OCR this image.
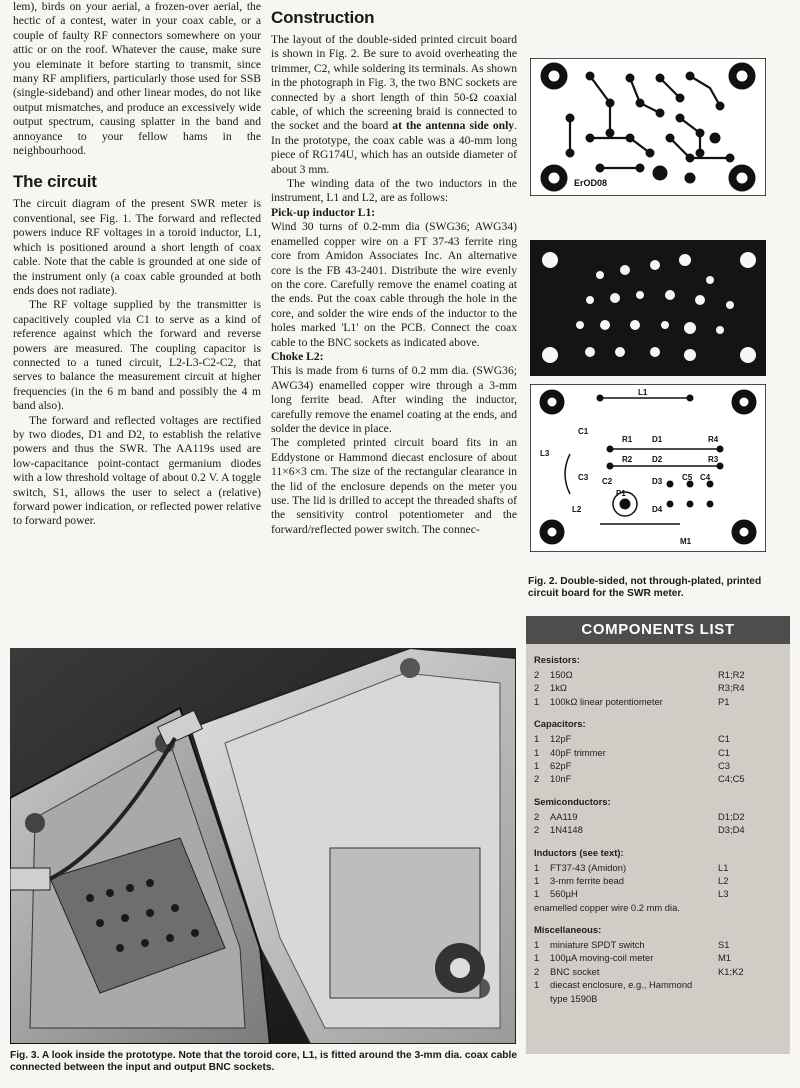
lem), birds on your aerial, a frozen-over aerial, the hectic of a contest, water in your coax cable, or a couple of faulty RF connectors somewhere on your attic or on the roof. Whatever the cause, make sure you eleminate it before starting to transmit, since many RF amplifiers, particularly those used for SSB (single-sideband) and other linear modes, do not like output mismatches, and produce an excessively wide output spectrum, causing splatter in the band and annoyance to your fellow hams in the neighbourhood.

The circuit

The circuit diagram of the present SWR meter is conventional, see Fig. 1. The forward and reflected powers induce RF voltages in a toroid inductor, L1, which is positioned around a short length of coax cable. Note that the cable is grounded at one side of the instrument only (a coax cable grounded at both ends does not radiate).

The RF voltage supplied by the transmitter is capacitively coupled via C1 to serve as a kind of reference against which the forward and reverse powers are measured. The coupling capacitor is connected to a tuned circuit, L2-L3-C2-C2, that serves to balance the measurement circuit at higher frequencies (in the 6 m band and possibly the 4 m band also).

The forward and reflected voltages are rectified by two diodes, D1 and D2, to establish the relative powers and thus the SWR. The AA119s used are low-capacitance point-contact germanium diodes with a low threshold voltage of about 0.2 V. A toggle switch, S1, allows the user to select a (relative) forward power indication, or reflected power relative to forward power.

Construction

The layout of the double-sided printed circuit board is shown in Fig. 2. Be sure to avoid overheating the trimmer, C2, while soldering its terminals. As shown in the photograph in Fig. 3, the two BNC sockets are connected by a short length of thin 50-Ω coaxial cable, of which the screening braid is connected to the socket and the board at the antenna side only. In the prototype, the coax cable was a 40-mm long piece of RG174U, which has an outside diameter of about 3 mm.

The winding data of the two inductors in the instrument, L1 and L2, are as follows:

Pick-up inductor L1:

Wind 30 turns of 0.2-mm dia (SWG36; AWG34) enamelled copper wire on a FT 37-43 ferrite ring core from Amidon Associates Inc. An alternative core is the FB 43-2401. Distribute the wire evenly on the core. Carefully remove the enamel coating at the ends. Put the coax cable through the hole in the core, and solder the wire ends of the inductor to the holes marked 'L1' on the PCB. Connect the coax cable to the BNC sockets as indicated above.

Choke L2:

This is made from 6 turns of 0.2 mm dia. (SWG36; AWG34) enamelled copper wire through a 3-mm long ferrite bead. After winding the inductor, carefully remove the enamel coating at the ends, and solder the device in place.

The completed printed circuit board fits in an Eddystone or Hammond diecast enclosure of about 11×6×3 cm. The size of the rectangular clearance in the lid of the enclosure depends on the meter you use. The lid is drilled to accept the threaded shafts of the sensitivity control potentiometer and the forward/reflected power switch. The connec-

ErOD08
L1
C1
R1 D1	R4
L3
R2 D2	R3
C2
C3	D3 C5 C4
D4
L2
P1
M1
Fig. 2. Double-sided, not through-plated, printed circuit board for the SWR meter.
COMPONENTS LIST
Resistors:
2	150Ω	R1;R2
2	1kΩ	R3;R4
1	100kΩ linear potentiometer	P1
Capacitors:
1	12pF	C1
1	40pF trimmer	C1
1	62pF	C3
2	10nF	C4;C5
Semiconductors:
2	AA119	D1;D2
2	1N4148	D3;D4
Inductors (see text):
1	FT37-43 (Amidon)	L1
1	3-mm ferrite bead	L2
1	560µH	L3
enamelled copper wire 0.2 mm dia.
Miscellaneous:
1	miniature SPDT switch	S1
1	100µA moving-coil meter	M1
2	BNC socket	K1;K2
1	diecast enclosure, e.g., Hammond
type 1590B
Fig. 3. A look inside the prototype. Note that the toroid core, L1, is fitted around the 3-mm dia. coax cable connected between the input and output BNC sockets.
